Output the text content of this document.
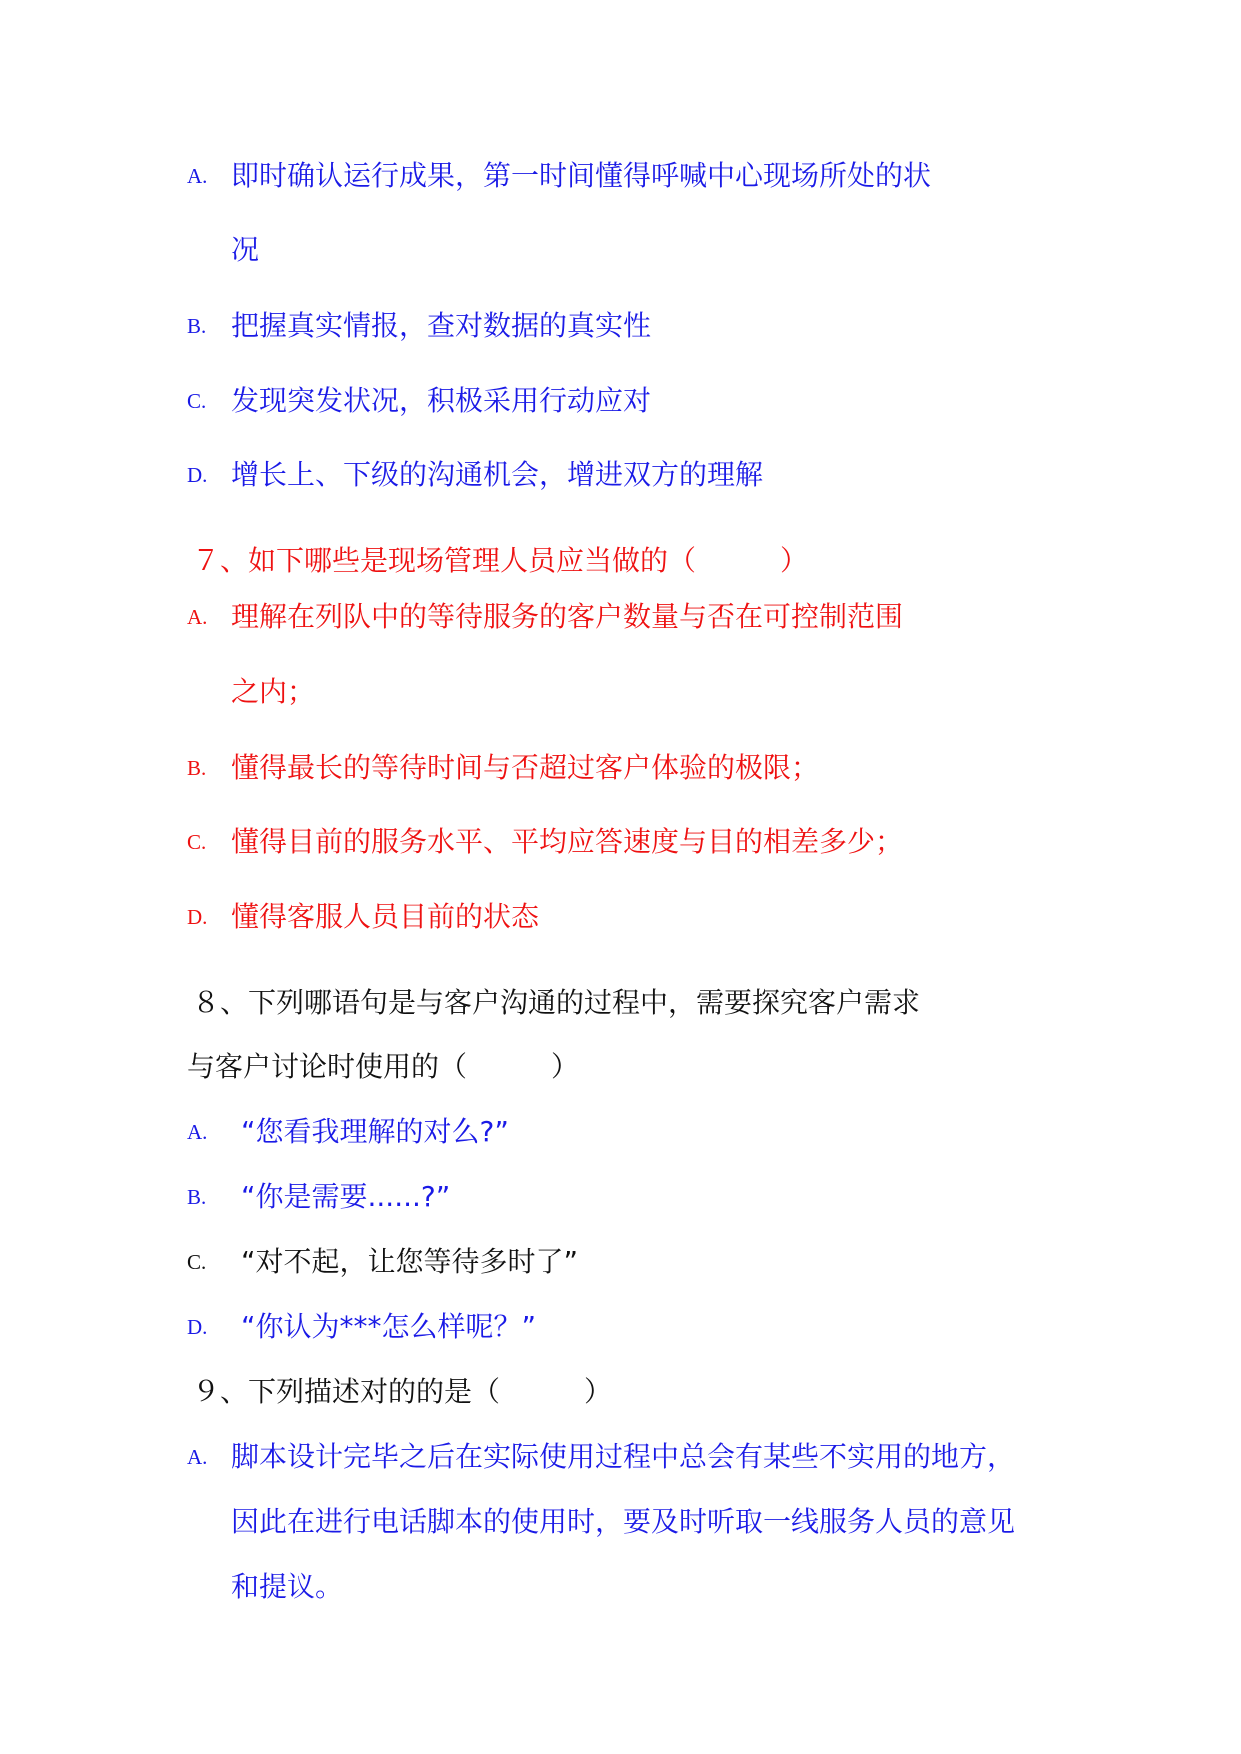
A. 即时确认运行成果，第一时间懂得呼喊中心现场所处的状
况
B. 把握真实情报，查对数据的真实性
C. 发现突发状况，积极采用行动应对
D. 增长上、下级的沟通机会，增进双方的理解
７、如下哪些是现场管理人员应当做的（　　　）
A. 理解在列队中的等待服务的客户数量与否在可控制范围
之内；
B. 懂得最长的等待时间与否超过客户体验的极限；
C. 懂得目前的服务水平、平均应答速度与目的相差多少；
D. 懂得客服人员目前的状态
８、下列哪语句是与客户沟通的过程中，需要探究客户需求
与客户讨论时使用的（　　　）
A. “您看我理解的对么?”
B. “你是需要......?”
C. “对不起，让您等待多时了”
D. “你认为***怎么样呢？”
９、下列描述对的的是（　　　）
A. 脚本设计完毕之后在实际使用过程中总会有某些不实用的地方，
因此在进行电话脚本的使用时，要及时听取一线服务人员的意见
和提议。
